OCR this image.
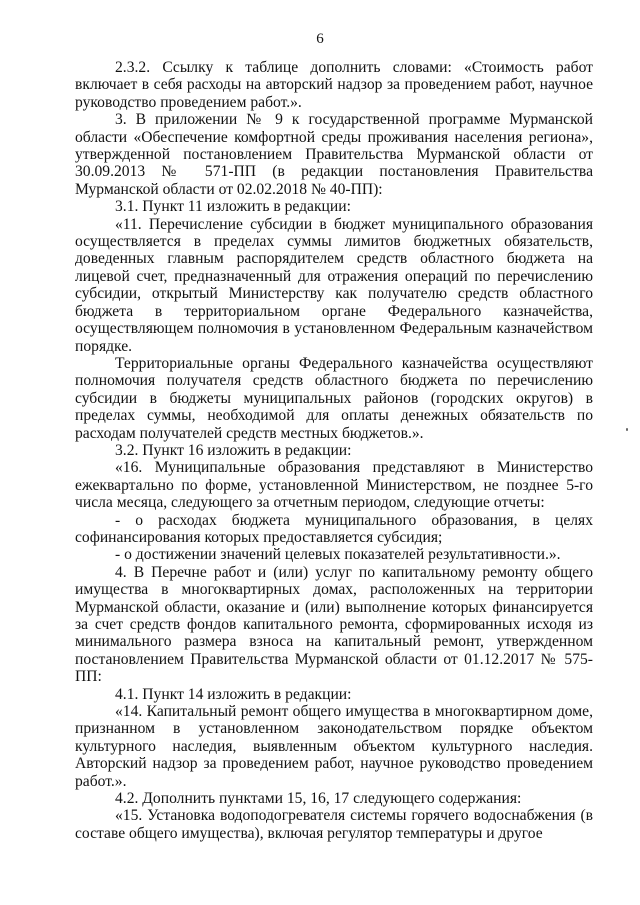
6

2.3.2. Ссылку к таблице дополнить словами: «Стоимость работ включает в себя расходы на авторский надзор за проведением работ, научное руководство проведением работ.».

3. В приложении № 9 к государственной программе Мурманской области «Обеспечение комфортной среды проживания населения региона», утвержденной постановлением Правительства Мурманской области от 30.09.2013 № 571-ПП (в редакции постановления Правительства Мурманской области от 02.02.2018 № 40-ПП):

3.1. Пункт 11 изложить в редакции:

«11. Перечисление субсидии в бюджет муниципального образования осуществляется в пределах суммы лимитов бюджетных обязательств, доведенных главным распорядителем средств областного бюджета на лицевой счет, предназначенный для отражения операций по перечислению субсидии, открытый Министерству как получателю средств областного бюджета в территориальном органе Федерального казначейства, осуществляющем полномочия в установленном Федеральным казначейством порядке.

Территориальные органы Федерального казначейства осуществляют полномочия получателя средств областного бюджета по перечислению субсидии в бюджеты муниципальных районов (городских округов) в пределах суммы, необходимой для оплаты денежных обязательств по расходам получателей средств местных бюджетов.».

3.2. Пункт 16 изложить в редакции:

«16. Муниципальные образования представляют в Министерство ежеквартально по форме, установленной Министерством, не позднее 5-го числа месяца, следующего за отчетным периодом, следующие отчеты:

- о расходах бюджета муниципального образования, в целях софинансирования которых предоставляется субсидия;

- о достижении значений целевых показателей результативности.».

4. В Перечне работ и (или) услуг по капитальному ремонту общего имущества в многоквартирных домах, расположенных на территории Мурманской области, оказание и (или) выполнение которых финансируется за счет средств фондов капитального ремонта, сформированных исходя из минимального размера взноса на капитальный ремонт, утвержденном постановлением Правительства Мурманской области от 01.12.2017 № 575-ПП:

4.1. Пункт 14 изложить в редакции:

«14. Капитальный ремонт общего имущества в многоквартирном доме, признанном в установленном законодательством порядке объектом культурного наследия, выявленным объектом культурного наследия. Авторский надзор за проведением работ, научное руководство проведением работ.».

4.2. Дополнить пунктами 15, 16, 17 следующего содержания:

«15. Установка водоподогревателя системы горячего водоснабжения (в составе общего имущества), включая регулятор температуры и другое
